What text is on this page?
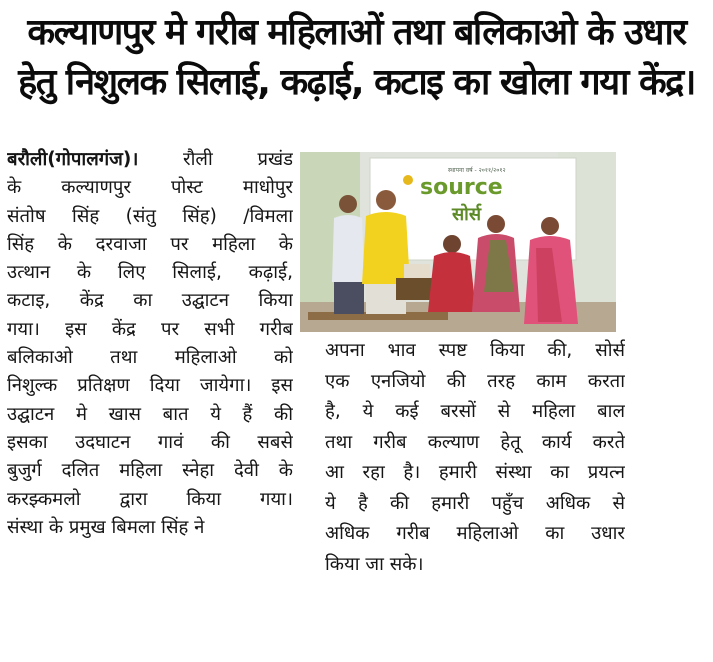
कल्याणपुर मे गरीब महिलाओं तथा बलिकाओ के उधार
हेतु निशुलक सिलाई, कढ़ाई, कटाइ का खोला गया केंद्र।
बरौली(गोपालगंज)। रौली प्रखंड
के कल्याणपुर पोस्ट माधोपुर
संतोष सिंह (संतु सिंह) /विमला
सिंह के दरवाजा पर महिला के
उत्थान के लिए सिलाई, कढ़ाई,
कटाइ, केंद्र का उद्घाटन किया
गया। इस केंद्र पर सभी गरीब
बलिकाओ तथा महिलाओ को
निशुल्क प्रतिक्षण दिया जायेगा। इस
उद्घाटन मे खास बात ये हैं की
इसका उदघाटन गावं की सबसे
बुजुर्ग दलित महिला स्नेहा देवी के
करझ्कमलो द्वारा किया गया।
संस्था के प्रमुख बिमला सिंह ने
स्थापना वर्ष - २०११/२०१२
source
सोर्स
अपना भाव स्पष्ट किया की, सोर्स
एक एनजियो की तरह काम करता
है, ये कई बरसों से महिला बाल
तथा गरीब कल्याण हेतू कार्य करते
आ रहा है। हमारी संस्था का प्रयत्न
ये है की हमारी पहुँच अधिक से
अधिक गरीब महिलाओ का उधार
किया जा सके।
